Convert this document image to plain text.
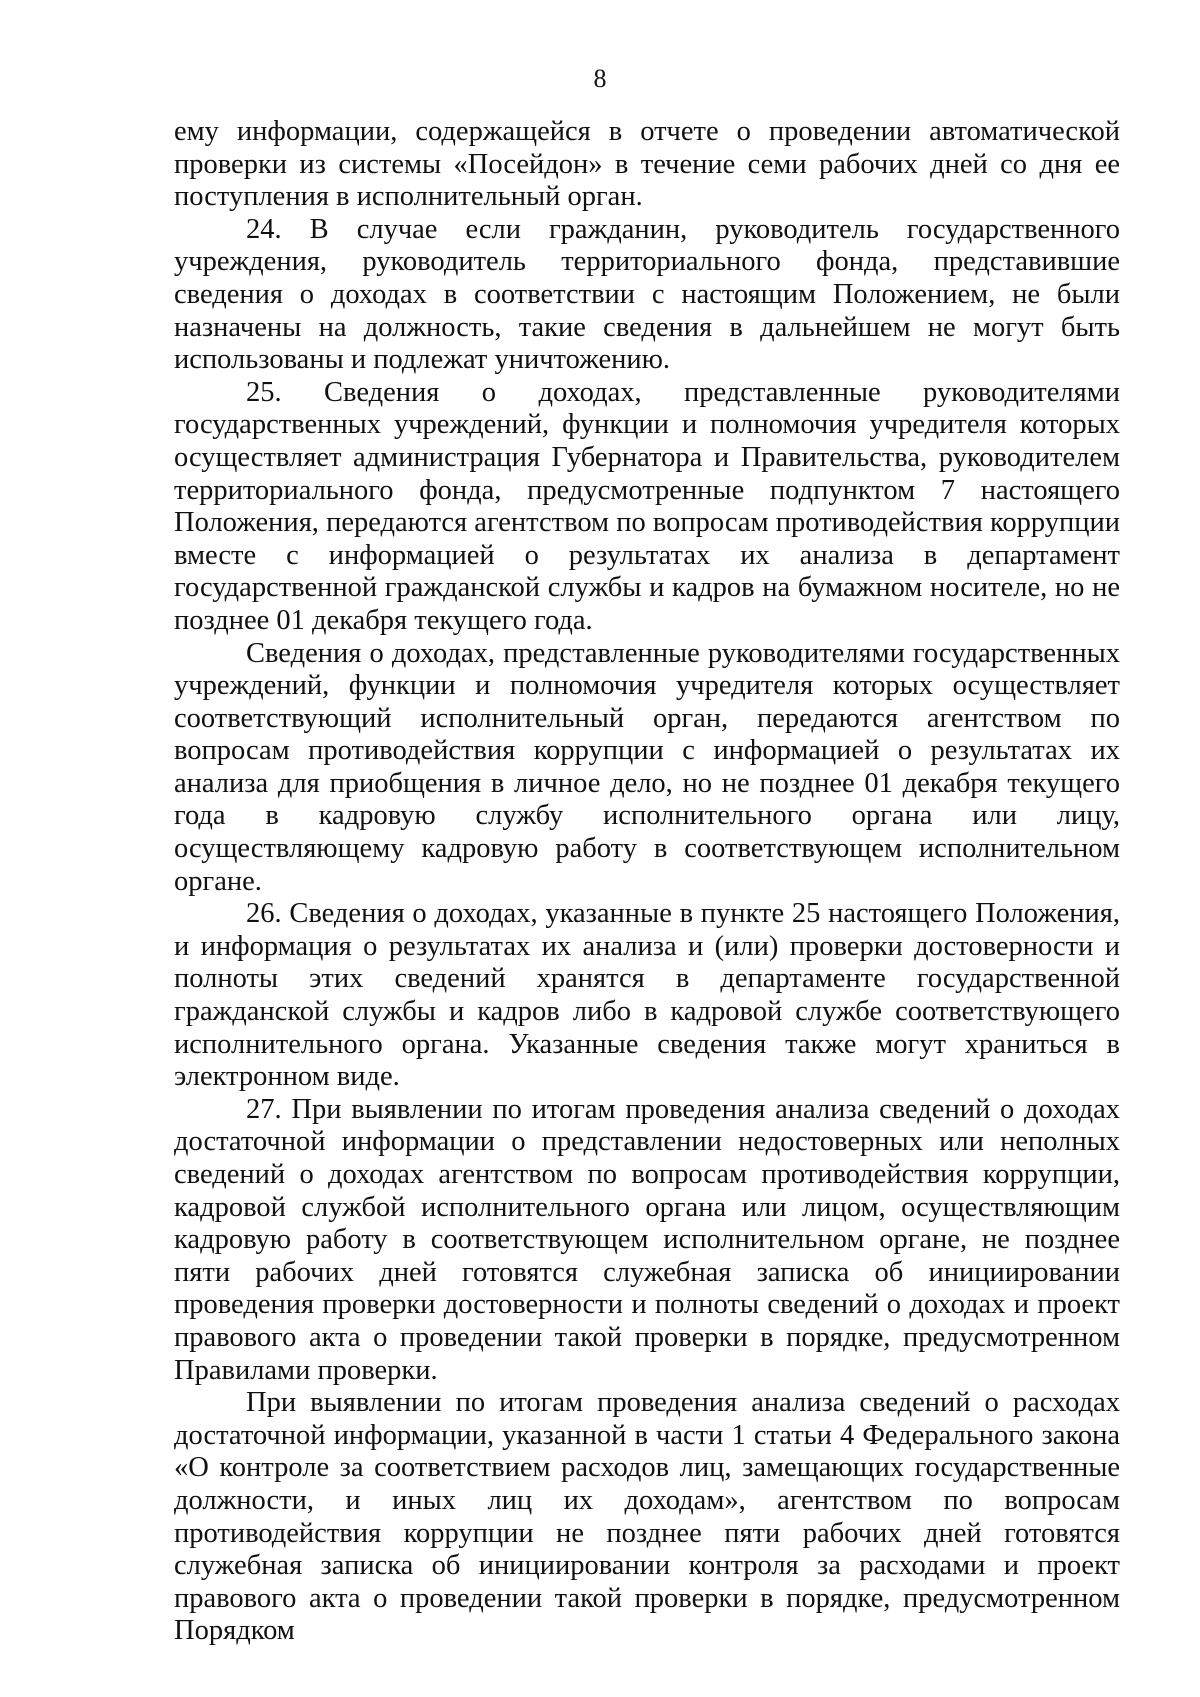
8

ему информации, содержащейся в отчете о проведении автоматической проверки из системы «Посейдон» в течение семи рабочих дней со дня ее поступления в исполнительный орган.

24. В случае если гражданин, руководитель государственного учреждения, руководитель территориального фонда, представившие сведения о доходах в соответствии с настоящим Положением, не были назначены на должность, такие сведения в дальнейшем не могут быть использованы и подлежат уничтожению.

25. Сведения о доходах, представленные руководителями государственных учреждений, функции и полномочия учредителя которых осуществляет администрация Губернатора и Правительства, руководителем территориального фонда, предусмотренные подпунктом 7 настоящего Положения, передаются агентством по вопросам противодействия коррупции вместе с информацией о результатах их анализа в департамент государственной гражданской службы и кадров на бумажном носителе, но не позднее 01 декабря текущего года.

Сведения о доходах, представленные руководителями государственных учреждений, функции и полномочия учредителя которых осуществляет соответствующий исполнительный орган, передаются агентством по вопросам противодействия коррупции с информацией о результатах их анализа для приобщения в личное дело, но не позднее 01 декабря текущего года в кадровую службу исполнительного органа или лицу, осуществляющему кадровую работу в соответствующем исполнительном органе.

26. Сведения о доходах, указанные в пункте 25 настоящего Положения, и информация о результатах их анализа и (или) проверки достоверности и полноты этих сведений хранятся в департаменте государственной гражданской службы и кадров либо в кадровой службе соответствующего исполнительного органа. Указанные сведения также могут храниться в электронном виде.

27. При выявлении по итогам проведения анализа сведений о доходах достаточной информации о представлении недостоверных или неполных сведений о доходах агентством по вопросам противодействия коррупции, кадровой службой исполнительного органа или лицом, осуществляющим кадровую работу в соответствующем исполнительном органе, не позднее пяти рабочих дней готовятся служебная записка об инициировании проведения проверки достоверности и полноты сведений о доходах и проект правового акта о проведении такой проверки в порядке, предусмотренном Правилами проверки.

При выявлении по итогам проведения анализа сведений о расходах достаточной информации, указанной в части 1 статьи 4 Федерального закона «О контроле за соответствием расходов лиц, замещающих государственные должности, и иных лиц их доходам», агентством по вопросам противодействия коррупции не позднее пяти рабочих дней готовятся служебная записка об инициировании контроля за расходами и проект правового акта о проведении такой проверки в порядке, предусмотренном Порядком
